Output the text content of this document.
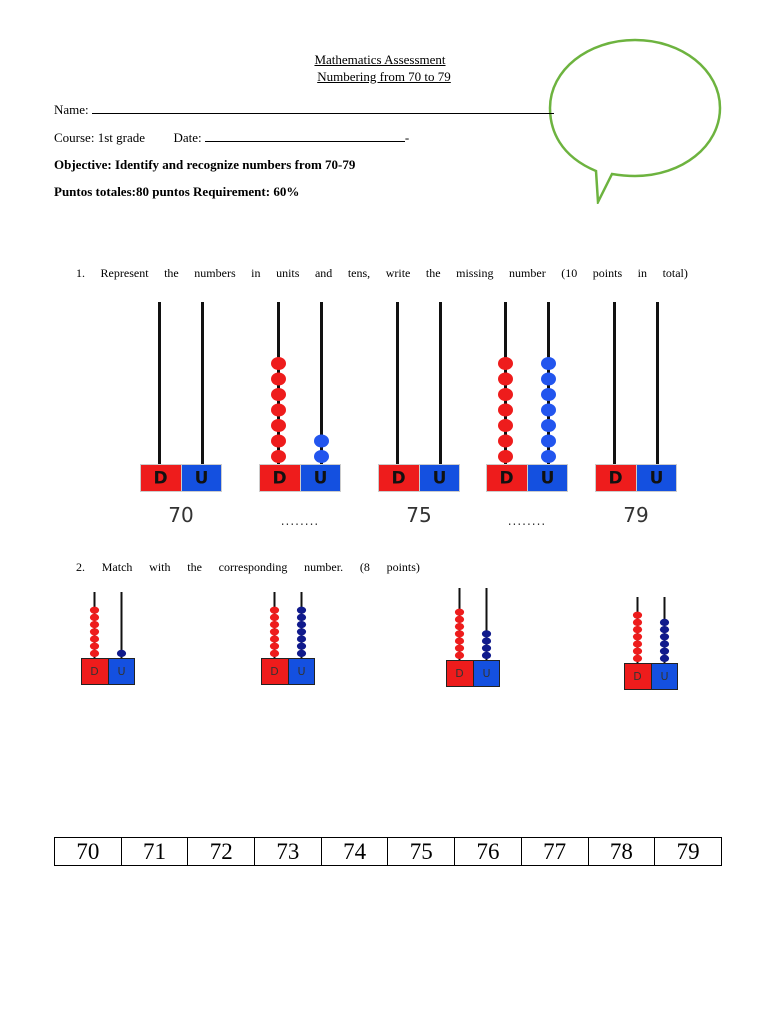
Mathematics Assessment
Numbering from 70 to 79
Name:
Course: 1st grade Date:	-
Objective: Identify and recognize numbers from 70-79
Puntos totales:80 puntos Requirement: 60%
1. Represent the numbers in units and tens, write the missing number (10 points in total)
D U
70
D U
........
D U
75
D U
........
D U
79
2. Match with the corresponding number. (8 points)
D U	D U	D U	D U
70	71	72	73	74	75	76	77	78	79
